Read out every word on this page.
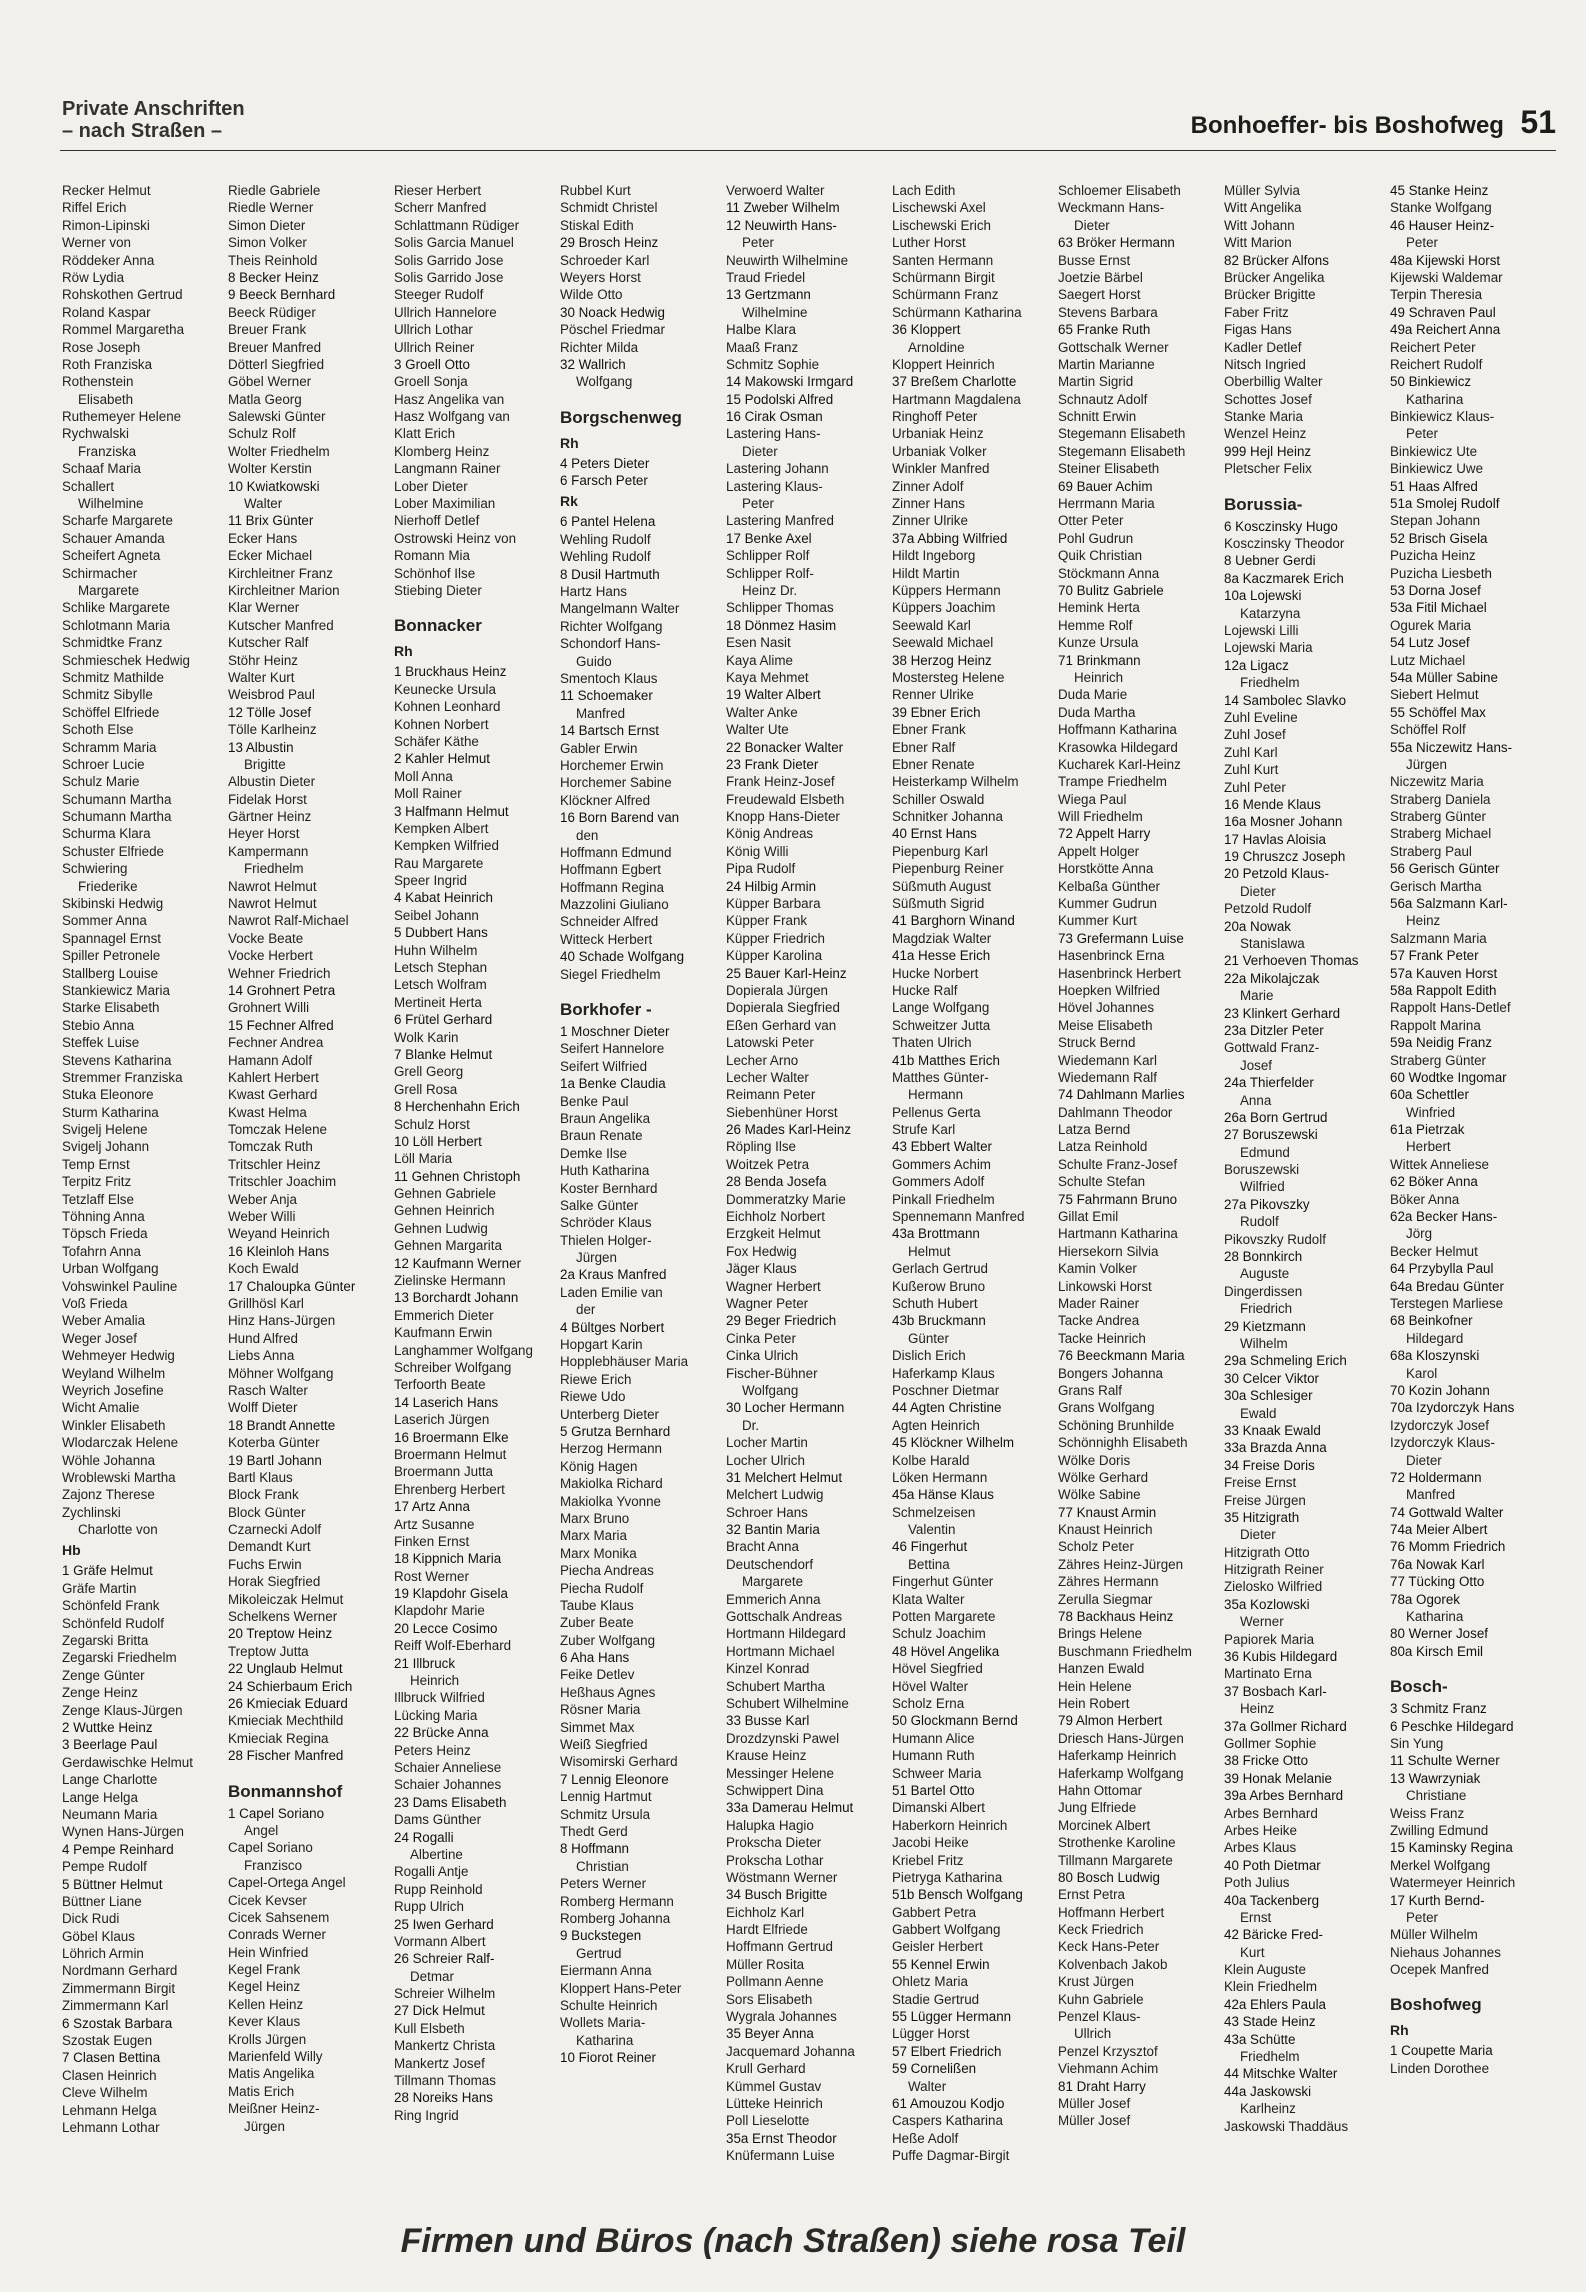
Private Anschriften
– nach Straßen –	Bonhoeffer- bis Boshofweg 51
Recker Helmut
Riffel Erich
Rimon-Lipinski
Werner von
Röddeker Anna
Röw Lydia
Rohskothen Gertrud
Roland Kaspar
Rommel Margaretha
Rose Joseph
Roth Franziska
Rothenstein
Elisabeth
Ruthemeyer Helene
Rychwalski
Franziska
Schaaf Maria
Schallert
Wilhelmine
Scharfe Margarete
Schauer Amanda
Scheifert Agneta
Schirmacher
Margarete
Schlike Margarete
Schlotmann Maria
Schmidtke Franz
Schmieschek Hedwig
Schmitz Mathilde
Schmitz Sibylle
Schöffel Elfriede
Schoth Else
Schramm Maria
Schroer Lucie
Schulz Marie
Schumann Martha
Schumann Martha
Schurma Klara
Schuster Elfriede
Schwiering
Friederike
Skibinski Hedwig
Sommer Anna
Spannagel Ernst
Spiller Petronele
Stallberg Louise
Stankiewicz Maria
Starke Elisabeth
Stebio Anna
Steffek Luise
Stevens Katharina
Stremmer Franziska
Stuka Eleonore
Sturm Katharina
Svigelj Helene
Svigelj Johann
Temp Ernst
Terpitz Fritz
Tetzlaff Else
Töhning Anna
Töpsch Frieda
Tofahrn Anna
Urban Wolfgang
Vohswinkel Pauline
Voß Frieda
Weber Amalia
Weger Josef
Wehmeyer Hedwig
Weyland Wilhelm
Weyrich Josefine
Wicht Amalie
Winkler Elisabeth
Wlodarczak Helene
Wöhle Johanna
Wroblewski Martha
Zajonz Therese
Zychlinski
Charlotte von
Hb
1 Gräfe Helmut
Gräfe Martin
Schönfeld Frank
Schönfeld Rudolf
Zegarski Britta
Zegarski Friedhelm
Zenge Günter
Zenge Heinz
Zenge Klaus-Jürgen
2 Wuttke Heinz
3 Beerlage Paul
Gerdawischke Helmut
Lange Charlotte
Lange Helga
Neumann Maria
Wynen Hans-Jürgen
4 Pempe Reinhard
Pempe Rudolf
5 Büttner Helmut
Büttner Liane
Dick Rudi
Göbel Klaus
Löhrich Armin
Nordmann Gerhard
Zimmermann Birgit
Zimmermann Karl
6 Szostak Barbara
Szostak Eugen
7 Clasen Bettina
Clasen Heinrich
Cleve Wilhelm
Lehmann Helga
Lehmann Lothar
Riedle Gabriele
Riedle Werner
Simon Dieter
Simon Volker
Theis Reinhold
8 Becker Heinz
9 Beeck Bernhard
Beeck Rüdiger
Breuer Frank
Breuer Manfred
Dötterl Siegfried
Göbel Werner
Matla Georg
Salewski Günter
Schulz Rolf
Wolter Friedhelm
Wolter Kerstin
10 Kwiatkowski
Walter
11 Brix Günter
Ecker Hans
Ecker Michael
Kirchleitner Franz
Kirchleitner Marion
Klar Werner
Kutscher Manfred
Kutscher Ralf
Stöhr Heinz
Walter Kurt
Weisbrod Paul
12 Tölle Josef
Tölle Karlheinz
13 Albustin
Brigitte
Albustin Dieter
Fidelak Horst
Gärtner Heinz
Heyer Horst
Kampermann
Friedhelm
Nawrot Helmut
Nawrot Helmut
Nawrot Ralf-Michael
Vocke Beate
Vocke Herbert
Wehner Friedrich
14 Grohnert Petra
Grohnert Willi
15 Fechner Alfred
Fechner Andrea
Hamann Adolf
Kahlert Herbert
Kwast Gerhard
Kwast Helma
Tomczak Helene
Tomczak Ruth
Tritschler Heinz
Tritschler Joachim
Weber Anja
Weber Willi
Weyand Heinrich
16 Kleinloh Hans
Koch Ewald
17 Chaloupka Günter
Grillhösl Karl
Hinz Hans-Jürgen
Hund Alfred
Liebs Anna
Möhner Wolfgang
Rasch Walter
Wolff Dieter
18 Brandt Annette
Koterba Günter
19 Bartl Johann
Bartl Klaus
Block Frank
Block Günter
Czarnecki Adolf
Demandt Kurt
Fuchs Erwin
Horak Siegfried
Mikoleiczak Helmut
Schelkens Werner
20 Treptow Heinz
Treptow Jutta
22 Unglaub Helmut
24 Schierbaum Erich
26 Kmieciak Eduard
Kmieciak Mechthild
Kmieciak Regina
28 Fischer Manfred
Bonmannshof
1 Capel Soriano
Angel
Capel Soriano
Franzisco
Capel-Ortega Angel
Cicek Kevser
Cicek Sahsenem
Conrads Werner
Hein Winfried
Kegel Frank
Kegel Heinz
Kellen Heinz
Kever Klaus
Krolls Jürgen
Marienfeld Willy
Matis Angelika
Matis Erich
Meißner Heinz-
Jürgen
Rieser Herbert
Scherr Manfred
Schlattmann Rüdiger
Solis Garcia Manuel
Solis Garrido Jose
Solis Garrido Jose
Steeger Rudolf
Ullrich Hannelore
Ullrich Lothar
Ullrich Reiner
3 Groell Otto
Groell Sonja
Hasz Angelika van
Hasz Wolfgang van
Klatt Erich
Klomberg Heinz
Langmann Rainer
Lober Dieter
Lober Maximilian
Nierhoff Detlef
Ostrowski Heinz von
Romann Mia
Schönhof Ilse
Stiebing Dieter
Bonnacker
Rh
1 Bruckhaus Heinz
Keunecke Ursula
Kohnen Leonhard
Kohnen Norbert
Schäfer Käthe
2 Kahler Helmut
Moll Anna
Moll Rainer
3 Halfmann Helmut
Kempken Albert
Kempken Wilfried
Rau Margarete
Speer Ingrid
4 Kabat Heinrich
Seibel Johann
5 Dubbert Hans
Huhn Wilhelm
Letsch Stephan
Letsch Wolfram
Mertineit Herta
6 Frütel Gerhard
Wolk Karin
7 Blanke Helmut
Grell Georg
Grell Rosa
8 Herchenhahn Erich
Schulz Horst
10 Löll Herbert
Löll Maria
11 Gehnen Christoph
Gehnen Gabriele
Gehnen Heinrich
Gehnen Ludwig
Gehnen Margarita
12 Kaufmann Werner
Zielinske Hermann
13 Borchardt Johann
Emmerich Dieter
Kaufmann Erwin
Langhammer Wolfgang
Schreiber Wolfgang
Terfoorth Beate
14 Laserich Hans
Laserich Jürgen
16 Broermann Elke
Broermann Helmut
Broermann Jutta
Ehrenberg Herbert
17 Artz Anna
Artz Susanne
Finken Ernst
18 Kippnich Maria
Rost Werner
19 Klapdohr Gisela
Klapdohr Marie
20 Lecce Cosimo
Reiff Wolf-Eberhard
21 Illbruck
Heinrich
Illbruck Wilfried
Lücking Maria
22 Brücke Anna
Peters Heinz
Schaier Anneliese
Schaier Johannes
23 Dams Elisabeth
Dams Günther
24 Rogalli
Albertine
Rogalli Antje
Rupp Reinhold
Rupp Ulrich
25 Iwen Gerhard
Vormann Albert
26 Schreier Ralf-
Detmar
Schreier Wilhelm
27 Dick Helmut
Kull Elsbeth
Mankertz Christa
Mankertz Josef
Tillmann Thomas
28 Noreiks Hans
Ring Ingrid
Rubbel Kurt
Schmidt Christel
Stiskal Edith
29 Brosch Heinz
Schroeder Karl
Weyers Horst
Wilde Otto
30 Noack Hedwig
Pöschel Friedmar
Richter Milda
32 Wallrich
Wolfgang
Borgschenweg
Rh
4 Peters Dieter
6 Farsch Peter
Rk
6 Pantel Helena
Wehling Rudolf
Wehling Rudolf
8 Dusil Hartmuth
Hartz Hans
Mangelmann Walter
Richter Wolfgang
Schondorf Hans-
Guido
Smentoch Klaus
11 Schoemaker
Manfred
14 Bartsch Ernst
Gabler Erwin
Horchemer Erwin
Horchemer Sabine
Klöckner Alfred
16 Born Barend van
den
Hoffmann Edmund
Hoffmann Egbert
Hoffmann Regina
Mazzolini Giuliano
Schneider Alfred
Witteck Herbert
40 Schade Wolfgang
Siegel Friedhelm
Borkhofer -
1 Moschner Dieter
Seifert Hannelore
Seifert Wilfried
1a Benke Claudia
Benke Paul
Braun Angelika
Braun Renate
Demke Ilse
Huth Katharina
Koster Bernhard
Salke Günter
Schröder Klaus
Thielen Holger-
Jürgen
2a Kraus Manfred
Laden Emilie van
der
4 Bültges Norbert
Hopgart Karin
Hopplebhäuser Maria
Riewe Erich
Riewe Udo
Unterberg Dieter
5 Grutza Bernhard
Herzog Hermann
König Hagen
Makiolka Richard
Makiolka Yvonne
Marx Bruno
Marx Maria
Marx Monika
Piecha Andreas
Piecha Rudolf
Taube Klaus
Zuber Beate
Zuber Wolfgang
6 Aha Hans
Feike Detlev
Heßhaus Agnes
Rösner Maria
Simmet Max
Weiß Siegfried
Wisomirski Gerhard
7 Lennig Eleonore
Lennig Hartmut
Schmitz Ursula
Thedt Gerd
8 Hoffmann
Christian
Peters Werner
Romberg Hermann
Romberg Johanna
9 Buckstegen
Gertrud
Eiermann Anna
Kloppert Hans-Peter
Schulte Heinrich
Wollets Maria-
Katharina
10 Fiorot Reiner
Verwoerd Walter
11 Zweber Wilhelm
12 Neuwirth Hans-
Peter
Neuwirth Wilhelmine
Traud Friedel
13 Gertzmann
Wilhelmine
Halbe Klara
Maaß Franz
Schmitz Sophie
14 Makowski Irmgard
15 Podolski Alfred
16 Cirak Osman
Lastering Hans-
Dieter
Lastering Johann
Lastering Klaus-
Peter
Lastering Manfred
17 Benke Axel
Schlipper Rolf
Schlipper Rolf-
Heinz Dr.
Schlipper Thomas
18 Dönmez Hasim
Esen Nasit
Kaya Alime
Kaya Mehmet
19 Walter Albert
Walter Anke
Walter Ute
22 Bonacker Walter
23 Frank Dieter
Frank Heinz-Josef
Freudewald Elsbeth
Knopp Hans-Dieter
König Andreas
König Willi
Pipa Rudolf
24 Hilbig Armin
Küpper Barbara
Küpper Frank
Küpper Friedrich
Küpper Karolina
25 Bauer Karl-Heinz
Dopierala Jürgen
Dopierala Siegfried
Eßen Gerhard van
Latowski Peter
Lecher Arno
Lecher Walter
Reimann Peter
Siebenhüner Horst
26 Mades Karl-Heinz
Röpling Ilse
Woitzek Petra
28 Benda Josefa
Dommeratzky Marie
Eichholz Norbert
Erzgkeit Helmut
Fox Hedwig
Jäger Klaus
Wagner Herbert
Wagner Peter
29 Beger Friedrich
Cinka Peter
Cinka Ulrich
Fischer-Bühner
Wolfgang
30 Locher Hermann
Dr.
Locher Martin
Locher Ulrich
31 Melchert Helmut
Melchert Ludwig
Schroer Hans
32 Bantin Maria
Bracht Anna
Deutschendorf
Margarete
Emmerich Anna
Gottschalk Andreas
Hortmann Hildegard
Hortmann Michael
Kinzel Konrad
Schubert Martha
Schubert Wilhelmine
33 Busse Karl
Drozdzynski Pawel
Krause Heinz
Messinger Helene
Schwippert Dina
33a Damerau Helmut
Halupka Hagio
Prokscha Dieter
Prokscha Lothar
Wöstmann Werner
34 Busch Brigitte
Eichholz Karl
Hardt Elfriede
Hoffmann Gertrud
Müller Rosita
Pollmann Aenne
Sors Elisabeth
Wygrala Johannes
35 Beyer Anna
Jacquemard Johanna
Krull Gerhard
Kümmel Gustav
Lütteke Heinrich
Poll Lieselotte
35a Ernst Theodor
Knüfermann Luise
Lach Edith
Lischewski Axel
Lischewski Erich
Luther Horst
Santen Hermann
Schürmann Birgit
Schürmann Franz
Schürmann Katharina
36 Kloppert
Arnoldine
Kloppert Heinrich
37 Breßem Charlotte
Hartmann Magdalena
Ringhoff Peter
Urbaniak Heinz
Urbaniak Volker
Winkler Manfred
Zinner Adolf
Zinner Hans
Zinner Ulrike
37a Abbing Wilfried
Hildt Ingeborg
Hildt Martin
Küppers Hermann
Küppers Joachim
Seewald Karl
Seewald Michael
38 Herzog Heinz
Mostersteg Helene
Renner Ulrike
39 Ebner Erich
Ebner Frank
Ebner Ralf
Ebner Renate
Heisterkamp Wilhelm
Schiller Oswald
Schnitker Johanna
40 Ernst Hans
Piepenburg Karl
Piepenburg Reiner
Süßmuth August
Süßmuth Sigrid
41 Barghorn Winand
Magdziak Walter
41a Hesse Erich
Hucke Norbert
Hucke Ralf
Lange Wolfgang
Schweitzer Jutta
Thaten Ulrich
41b Matthes Erich
Matthes Günter-
Hermann
Pellenus Gerta
Strufe Karl
43 Ebbert Walter
Gommers Achim
Gommers Adolf
Pinkall Friedhelm
Spennemann Manfred
43a Brottmann
Helmut
Gerlach Gertrud
Kußerow Bruno
Schuth Hubert
43b Bruckmann
Günter
Dislich Erich
Haferkamp Klaus
Poschner Dietmar
44 Agten Christine
Agten Heinrich
45 Klöckner Wilhelm
Kolbe Harald
Löken Hermann
45a Hänse Klaus
Schmelzeisen
Valentin
46 Fingerhut
Bettina
Fingerhut Günter
Klata Walter
Potten Margarete
Schulz Joachim
48 Hövel Angelika
Hövel Siegfried
Hövel Walter
Scholz Erna
50 Glockmann Bernd
Humann Alice
Humann Ruth
Schweer Maria
51 Bartel Otto
Dimanski Albert
Haberkorn Heinrich
Jacobi Heike
Kriebel Fritz
Pietryga Katharina
51b Bensch Wolfgang
Gabbert Petra
Gabbert Wolfgang
Geisler Herbert
55 Kennel Erwin
Ohletz Maria
Stadie Gertrud
55 Lügger Hermann
Lügger Horst
57 Elbert Friedrich
59 Cornelißen
Walter
61 Amouzou Kodjo
Caspers Katharina
Heße Adolf
Puffe Dagmar-Birgit
Schloemer Elisabeth
Weckmann Hans-
Dieter
63 Bröker Hermann
Busse Ernst
Joetzie Bärbel
Saegert Horst
Stevens Barbara
65 Franke Ruth
Gottschalk Werner
Martin Marianne
Martin Sigrid
Schnautz Adolf
Schnitt Erwin
Stegemann Elisabeth
Stegemann Elisabeth
Steiner Elisabeth
69 Bauer Achim
Herrmann Maria
Otter Peter
Pohl Gudrun
Quik Christian
Stöckmann Anna
70 Bulitz Gabriele
Hemink Herta
Hemme Rolf
Kunze Ursula
71 Brinkmann
Heinrich
Duda Marie
Duda Martha
Hoffmann Katharina
Krasowka Hildegard
Kucharek Karl-Heinz
Trampe Friedhelm
Wiega Paul
Will Friedhelm
72 Appelt Harry
Appelt Holger
Horstkötte Anna
Kelbaßa Günther
Kummer Gudrun
Kummer Kurt
73 Grefermann Luise
Hasenbrinck Erna
Hasenbrinck Herbert
Hoepken Wilfried
Hövel Johannes
Meise Elisabeth
Struck Bernd
Wiedemann Karl
Wiedemann Ralf
74 Dahlmann Marlies
Dahlmann Theodor
Latza Bernd
Latza Reinhold
Schulte Franz-Josef
Schulte Stefan
75 Fahrmann Bruno
Gillat Emil
Hartmann Katharina
Hiersekorn Silvia
Kamin Volker
Linkowski Horst
Mader Rainer
Tacke Andrea
Tacke Heinrich
76 Beeckmann Maria
Bongers Johanna
Grans Ralf
Grans Wolfgang
Schöning Brunhilde
Schönnighh Elisabeth
Wölke Doris
Wölke Gerhard
Wölke Sabine
77 Knaust Armin
Knaust Heinrich
Scholz Peter
Zähres Heinz-Jürgen
Zähres Hermann
Zerulla Siegmar
78 Backhaus Heinz
Brings Helene
Buschmann Friedhelm
Hanzen Ewald
Hein Helene
Hein Robert
79 Almon Herbert
Driesch Hans-Jürgen
Haferkamp Heinrich
Haferkamp Wolfgang
Hahn Ottomar
Jung Elfriede
Morcinek Albert
Strothenke Karoline
Tillmann Margarete
80 Bosch Ludwig
Ernst Petra
Hoffmann Herbert
Keck Friedrich
Keck Hans-Peter
Kolvenbach Jakob
Krust Jürgen
Kuhn Gabriele
Penzel Klaus-
Ullrich
Penzel Krzysztof
Viehmann Achim
81 Draht Harry
Müller Josef
Müller Josef
Müller Sylvia
Witt Angelika
Witt Johann
Witt Marion
82 Brücker Alfons
Brücker Angelika
Brücker Brigitte
Faber Fritz
Figas Hans
Kadler Detlef
Nitsch Ingried
Oberbillig Walter
Schottes Josef
Stanke Maria
Wenzel Heinz
999 Hejl Heinz
Pletscher Felix
Borussia-
6 Kosczinsky Hugo
Kosczinsky Theodor
8 Uebner Gerdi
8a Kaczmarek Erich
10a Lojewski
Katarzyna
Lojewski Lilli
Lojewski Maria
12a Ligacz
Friedhelm
14 Sambolec Slavko
Zuhl Eveline
Zuhl Josef
Zuhl Karl
Zuhl Kurt
Zuhl Peter
16 Mende Klaus
16a Mosner Johann
17 Havlas Aloisia
19 Chruszcz Joseph
20 Petzold Klaus-
Dieter
Petzold Rudolf
20a Nowak
Stanislawa
21 Verhoeven Thomas
22a Mikolajczak
Marie
23 Klinkert Gerhard
23a Ditzler Peter
Gottwald Franz-
Josef
24a Thierfelder
Anna
26a Born Gertrud
27 Boruszewski
Edmund
Boruszewski
Wilfried
27a Pikovszky
Rudolf
Pikovszky Rudolf
28 Bonnkirch
Auguste
Dingerdissen
Friedrich
29 Kietzmann
Wilhelm
29a Schmeling Erich
30 Celcer Viktor
30a Schlesiger
Ewald
33 Knaak Ewald
33a Brazda Anna
34 Freise Doris
Freise Ernst
Freise Jürgen
35 Hitzigrath
Dieter
Hitzigrath Otto
Hitzigrath Reiner
Zielosko Wilfried
35a Kozlowski
Werner
Papiorek Maria
36 Kubis Hildegard
Martinato Erna
37 Bosbach Karl-
Heinz
37a Gollmer Richard
Gollmer Sophie
38 Fricke Otto
39 Honak Melanie
39a Arbes Bernhard
Arbes Bernhard
Arbes Heike
Arbes Klaus
40 Poth Dietmar
Poth Julius
40a Tackenberg
Ernst
42 Bäricke Fred-
Kurt
Klein Auguste
Klein Friedhelm
42a Ehlers Paula
43 Stade Heinz
43a Schütte
Friedhelm
44 Mitschke Walter
44a Jaskowski
Karlheinz
Jaskowski Thaddäus
45 Stanke Heinz
Stanke Wolfgang
46 Hauser Heinz-
Peter
48a Kijewski Horst
Kijewski Waldemar
Terpin Theresia
49 Schraven Paul
49a Reichert Anna
Reichert Peter
Reichert Rudolf
50 Binkiewicz
Katharina
Binkiewicz Klaus-
Peter
Binkiewicz Ute
Binkiewicz Uwe
51 Haas Alfred
51a Smolej Rudolf
Stepan Johann
52 Brisch Gisela
Puzicha Heinz
Puzicha Liesbeth
53 Dorna Josef
53a Fitil Michael
Ogurek Maria
54 Lutz Josef
Lutz Michael
54a Müller Sabine
Siebert Helmut
55 Schöffel Max
Schöffel Rolf
55a Niczewitz Hans-
Jürgen
Niczewitz Maria
Straberg Daniela
Straberg Günter
Straberg Michael
Straberg Paul
56 Gerisch Günter
Gerisch Martha
56a Salzmann Karl-
Heinz
Salzmann Maria
57 Frank Peter
57a Kauven Horst
58a Rappolt Edith
Rappolt Hans-Detlef
Rappolt Marina
59a Neidig Franz
Straberg Günter
60 Wodtke Ingomar
60a Schettler
Winfried
61a Pietrzak
Herbert
Wittek Anneliese
62 Böker Anna
Böker Anna
62a Becker Hans-
Jörg
Becker Helmut
64 Przybylla Paul
64a Bredau Günter
Terstegen Marliese
68 Beinkofner
Hildegard
68a Kloszynski
Karol
70 Kozin Johann
70a Izydorczyk Hans
Izydorczyk Josef
Izydorczyk Klaus-
Dieter
72 Holdermann
Manfred
74 Gottwald Walter
74a Meier Albert
76 Momm Friedrich
76a Nowak Karl
77 Tücking Otto
78a Ogorek
Katharina
80 Werner Josef
80a Kirsch Emil
Bosch-
3 Schmitz Franz
6 Peschke Hildegard
Sin Yung
11 Schulte Werner
13 Wawrzyniak
Christiane
Weiss Franz
Zwilling Edmund
15 Kaminsky Regina
Merkel Wolfgang
Watermeyer Heinrich
17 Kurth Bernd-
Peter
Müller Wilhelm
Niehaus Johannes
Ocepek Manfred
Boshofweg
Rh
1 Coupette Maria
Linden Dorothee
Firmen und Büros (nach Straßen) siehe rosa Teil
